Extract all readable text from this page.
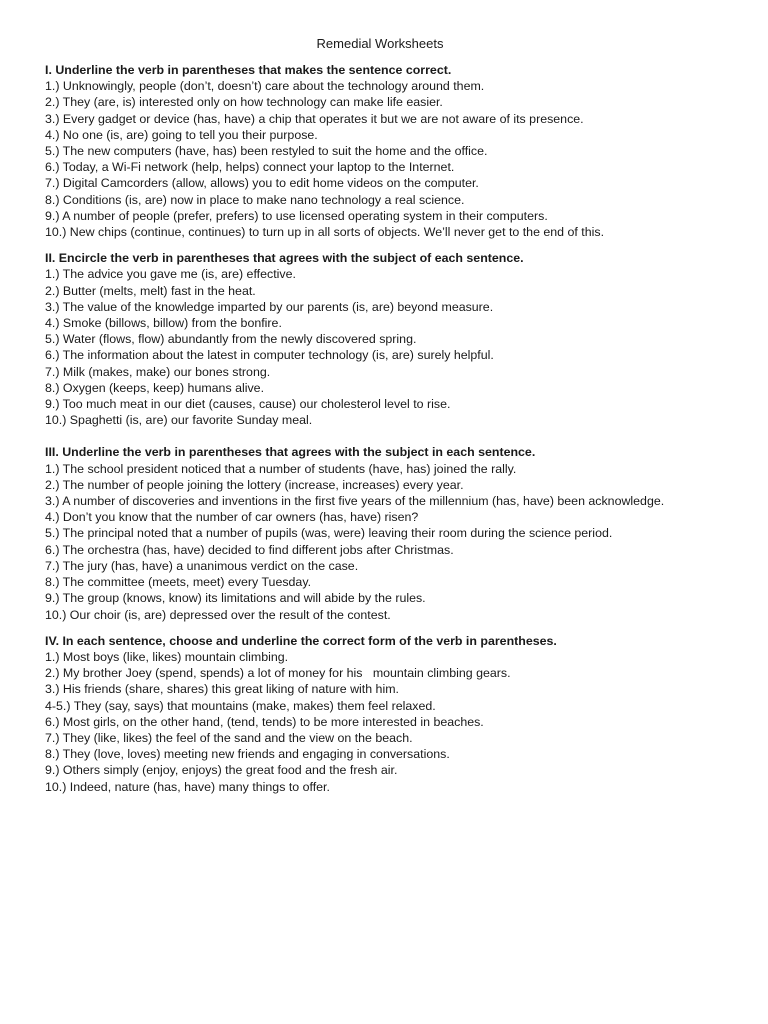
Remedial Worksheets
I. Underline the verb in parentheses that makes the sentence correct.
1.) Unknowingly, people (don’t, doesn’t) care about the technology around them.
2.) They (are, is) interested only on how technology can make life easier.
3.) Every gadget or device (has, have) a chip that operates it but we are not aware of its presence.
4.) No one (is, are) going to tell you their purpose.
5.) The new computers (have, has) been restyled to suit the home and the office.
6.) Today, a Wi-Fi network (help, helps) connect your laptop to the Internet.
7.) Digital Camcorders (allow, allows) you to edit home videos on the computer.
8.) Conditions (is, are) now in place to make nano technology a real science.
9.) A number of people (prefer, prefers) to use licensed operating system in their computers.
10.) New chips (continue, continues) to turn up in all sorts of objects. We’ll never get to the end of this.
II. Encircle the verb in parentheses that agrees with the subject of each sentence.
1.) The advice you gave me (is, are) effective.
2.) Butter (melts, melt) fast in the heat.
3.) The value of the knowledge imparted by our parents (is, are) beyond measure.
4.) Smoke (billows, billow) from the bonfire.
5.) Water (flows, flow) abundantly from the newly discovered spring.
6.) The information about the latest in computer technology (is, are) surely helpful.
7.) Milk (makes, make) our bones strong.
8.) Oxygen (keeps, keep) humans alive.
9.) Too much meat in our diet (causes, cause) our cholesterol level to rise.
10.) Spaghetti (is, are) our favorite Sunday meal.
III. Underline the verb in parentheses that agrees with the subject in each sentence.
1.) The school president noticed that a number of students (have, has) joined the rally.
2.) The number of people joining the lottery (increase, increases) every year.
3.) A number of discoveries and inventions in the first five years of the millennium (has, have) been acknowledge.
4.) Don’t you know that the number of car owners (has, have) risen?
5.) The principal noted that a number of pupils (was, were) leaving their room during the science period.
6.) The orchestra (has, have) decided to find different jobs after Christmas.
7.) The jury (has, have) a unanimous verdict on the case.
8.) The committee (meets, meet) every Tuesday.
9.) The group (knows, know) its limitations and will abide by the rules.
10.) Our choir (is, are) depressed over the result of the contest.
IV. In each sentence, choose and underline the correct form of the verb in parentheses.
1.) Most boys (like, likes) mountain climbing.
2.) My brother Joey (spend, spends) a lot of money for his   mountain climbing gears.
3.) His friends (share, shares) this great liking of nature with him.
4-5.) They (say, says) that mountains (make, makes) them feel relaxed.
6.) Most girls, on the other hand, (tend, tends) to be more interested in beaches.
7.) They (like, likes) the feel of the sand and the view on the beach.
8.) They (love, loves) meeting new friends and engaging in conversations.
9.) Others simply (enjoy, enjoys) the great food and the fresh air.
10.) Indeed, nature (has, have) many things to offer.
